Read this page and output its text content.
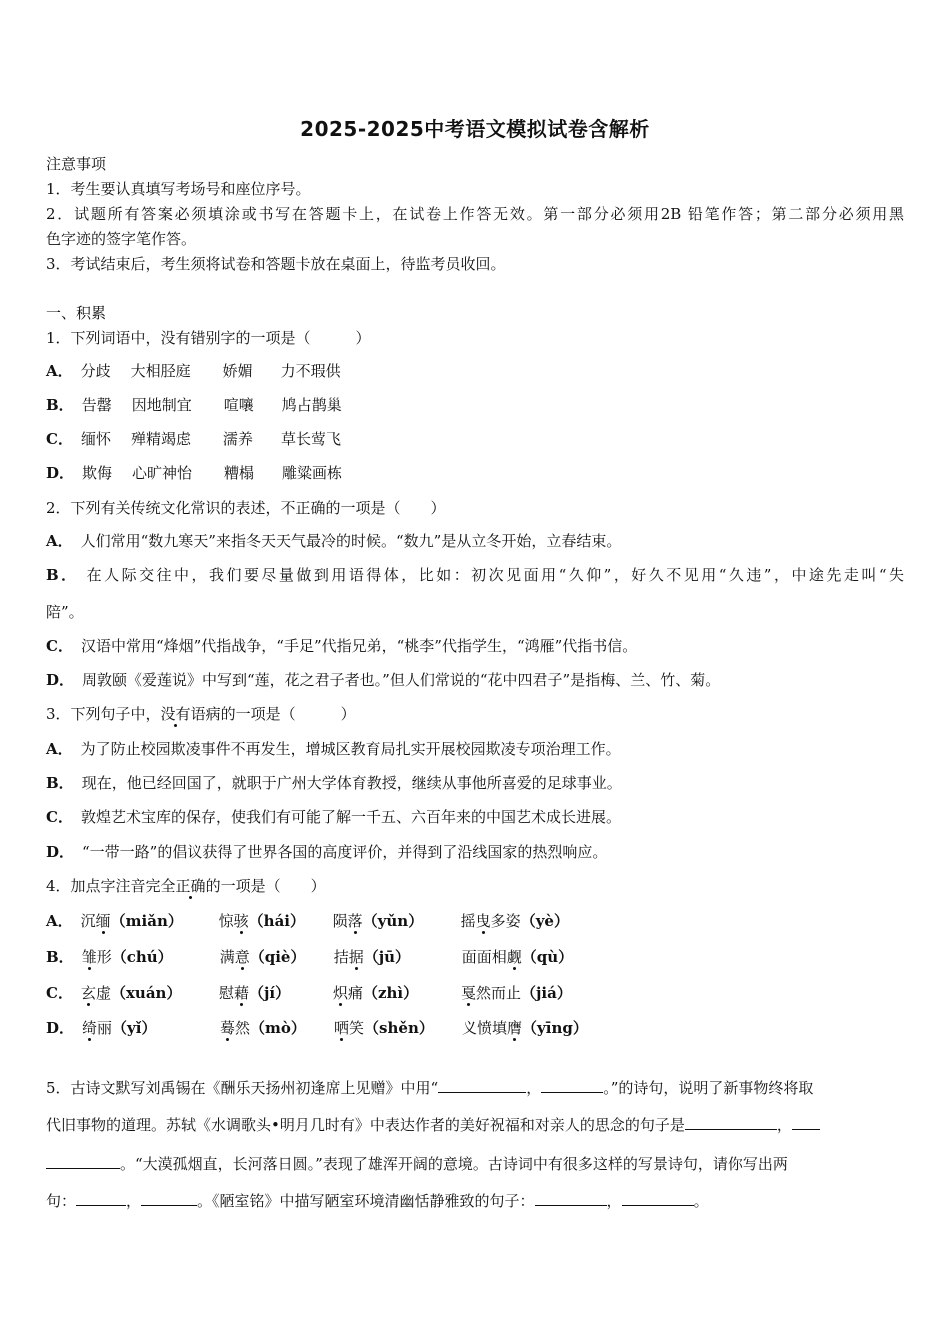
2025-2025中考语文模拟试卷含解析
注意事项
1．考生要认真填写考场号和座位序号。
2．试题所有答案必须填涂或书写在答题卡上，在试卷上作答无效。第一部分必须用2B 铅笔作答；第二部分必须用黑
色字迹的签字笔作答。
3．考试结束后，考生须将试卷和答题卡放在桌面上，待监考员收回。
一、积累
1．下列词语中，没有错别字的一项是（　　　）
A． 分歧 大相胫庭 娇媚 力不瑕供
B． 告罄 因地制宜 喧嚷 鸠占鹊巢
C． 缅怀 殚精竭虑 濡养 草长莺飞
D． 欺侮 心旷神怡 糟榻 雕粱画栋
2．下列有关传统文化常识的表述，不正确的一项是（　　）
A． 人们常用“数九寒天”来指冬天天气最冷的时候。“数九”是从立冬开始，立春结束。
B． 在人际交往中，我们要尽量做到用语得体，比如：初次见面用“久仰”，好久不见用“久违”，中途先走叫“失
陪”。
C． 汉语中常用“烽烟”代指战争，“手足”代指兄弟，“桃李”代指学生，“鸿雁”代指书信。
D． 周敦颐《爱莲说》中写到“莲，花之君子者也。”但人们常说的“花中四君子”是指梅、兰、竹、菊。
3．下列句子中，没有语病的一项是（　　　）
A． 为了防止校园欺凌事件不再发生，增城区教育局扎实开展校园欺凌专项治理工作。
B． 现在，他已经回国了，就职于广州大学体育教授，继续从事他所喜爱的足球事业。
C． 敦煌艺术宝库的保存，使我们有可能了解一千五、六百年来的中国艺术成长进展。
D． “一带一路”的倡议获得了世界各国的高度评价，并得到了沿线国家的热烈响应。
4．加点字注音完全正确的一项是（　　）
A． 沉缅（miǎn） 惊骇（hái） 陨落（yǔn） 摇曳多姿（yè）
B． 雏形（chú）	满意（qiè） 拮据（jū）	面面相觑（qù）
C． 玄虚（xuán） 慰藉（jí）	炽痛（zhì）	戛然而止（jiá）
D． 绮丽（yǐ）	蓦然（mò） 哂笑（shěn） 义愤填膺（yīng）
5．古诗文默写刘禹锡在《酬乐天扬州初逢席上见赠》中用“	，	。”的诗句，说明了新事物终将取
代旧事物的道理。苏轼《水调歌头•明月几时有》中表达作者的美好祝福和对亲人的思念的句子是	，
。“大漠孤烟直，长河落日圆。”表现了雄浑开阔的意境。古诗词中有很多这样的写景诗句，请你写出两
句：	，	。《陋室铭》中描写陋室环境清幽恬静雅致的句子：	，	。
